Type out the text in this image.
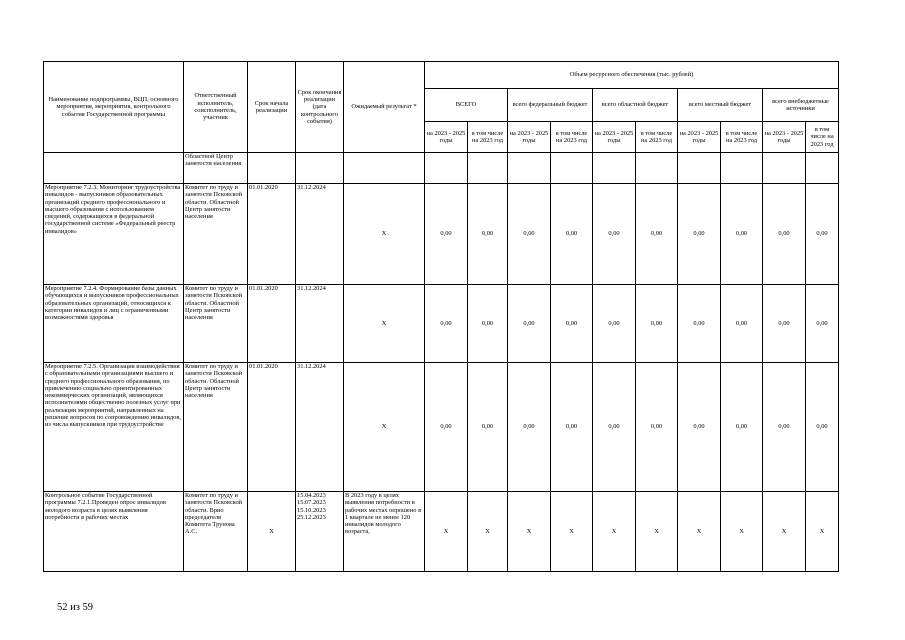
Наименование подпрограммы, ВЦП, основного мероприятия, мероприятия, контрольного события Государственной программы	Ответственный исполнитель, соисполнитель, участник	Срок начала реализации	Срок окончания реализации (дата контрольного события)	Ожидаемый результат *	Объем ресурсного обеспечения (тыс. рублей)									
					ВСЕГО		всего федеральный бюджет		всего областной бюджет		всего местный бюджет		всего внебюджетные источники	
					на 2023 - 2025 годы	в том числе на 2023 год	на 2023 - 2025 годы	в том числе на 2023 год	на 2023 - 2025 годы	в том числе на 2023 год	на 2023 - 2025 годы	в том числе на 2023 год	на 2023 - 2025 годы	в том числе на 2023 год
	Областной Центр занятости населения													
Мероприятие 7.2.3. Мониторинг трудоустройства инвалидов - выпускников образовательных организаций среднего профессионального и высшего образования с использованием сведений, содержащихся в федеральной государственной системе «Федеральный реестр инвалидов»	Комитет по труду и занятости Псковской области. Областной Центр занятости населения	01.01.2020	31.12.2024	X	0,00	0,00	0,00	0,00	0,00	0,00	0,00	0,00	0,00	0,00
Мероприятие 7.2.4. Формирование базы данных обучающихся и выпускников профессиональных образовательных организаций, относящихся к категории инвалидов и лиц с ограниченными возможностями здоровья	Комитет по труду и занятости Псковской области. Областной Центр занятости населения	01.01.2020	31.12.2024	X	0,00	0,00	0,00	0,00	0,00	0,00	0,00	0,00	0,00	0,00
Мероприятие 7.2.5. Организация взаимодействия с образовательными организациями высшего и среднего профессионального образования, по привлечению социально ориентированных некоммерческих организаций, являющихся исполнителями общественно полезных услуг при реализации мероприятий, направленных на решение вопросов по сопровождению инвалидов, из числа выпускников при трудоустройстве	Комитет по труду и занятости Псковской области. Областной Центр занятости населения	01.01.2020	31.12.2024	X	0,00	0,00	0,00	0,00	0,00	0,00	0,00	0,00	0,00	0,00
Контрольное событие Государственной программы 7.2.1.Проведен опрос инвалидов молодого возраста в целях выявления потребности в рабочих местах	Комитет по труду и занятости Псковской области. Врио председателя Комитета Трунова А.С.	X	15.04.2023 15.07.2023 15.10.2023 25.12.2023	В 2023 году в целях выявления потребности в рабочих местах опрошено в 1 квартале не менее 120 инвалидов молодого возраста,	X	X	X	X	X	X	X	X	X	X
52 из 59
